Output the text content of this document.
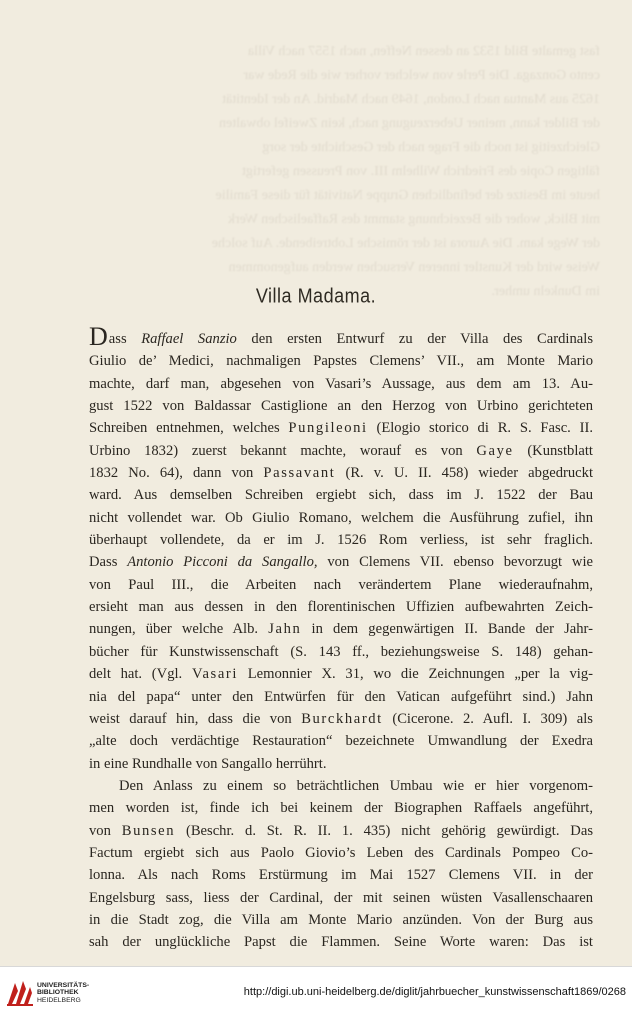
fast gemalte Bild 1532 an dessen Neffen, nach 1557 nach Villa
cento Gonzaga. Die Perle von welcher vorher wie die Rede war
1625 aus Mantua nach London, 1649 nach Madrid. An der Identität
der Bilder kann, meiner Ueberzeugung nach, kein Zweifel obwalten
Gleichzeitig ist noch die Frage nach der Geschichte der sorg
fältigen Copie des Friedrich Wilhelm III. von Preussen gefertigt
heute im Besitze der befindlichen Gruppe Nativität für diese Familie
mit Blick, woher die Bezeichnung stammt des Raffaelischen Werk
der Wege kam. Die Aurora ist der römische Lobtreibende. Auf solche
Weise wird der Kunstler inneren Versuchen werden aufgenommen
im Dunkeln umher.
Villa Madama.
Dass Raffael Sanzio den ersten Entwurf zu der Villa des Cardinals
Giulio de’ Medici, nachmaligen Papstes Clemens’ VII., am Monte Mario
machte, darf man, abgesehen von Vasari’s Aussage, aus dem am 13. Au-
gust 1522 von Baldassar Castiglione an den Herzog von Urbino gerichteten
Schreiben entnehmen, welches Pungileoni (Elogio storico di R. S. Fasc. II.
Urbino 1832) zuerst bekannt machte, worauf es von Gaye (Kunstblatt
1832 No. 64), dann von Passavant (R. v. U. II. 458) wieder abgedruckt
ward. Aus demselben Schreiben ergiebt sich, dass im J. 1522 der Bau
nicht vollendet war. Ob Giulio Romano, welchem die Ausführung zufiel, ihn
überhaupt vollendete, da er im J. 1526 Rom verliess, ist sehr fraglich.
Dass Antonio Picconi da Sangallo, von Clemens VII. ebenso bevorzugt wie
von Paul III., die Arbeiten nach verändertem Plane wiederaufnahm,
ersieht man aus dessen in den florentinischen Uffizien aufbewahrten Zeich-
nungen, über welche Alb. Jahn in dem gegenwärtigen II. Bande der Jahr-
bücher für Kunstwissenschaft (S. 143 ff., beziehungsweise S. 148) gehan-
delt hat. (Vgl. Vasari Lemonnier X. 31, wo die Zeichnungen „per la vig-
nia del papa“ unter den Entwürfen für den Vatican aufgeführt sind.) Jahn
weist darauf hin, dass die von Burckhardt (Cicerone. 2. Aufl. I. 309) als
„alte doch verdächtige Restauration“ bezeichnete Umwandlung der Exedra
in eine Rundhalle von Sangallo herrührt.
Den Anlass zu einem so beträchtlichen Umbau wie er hier vorgenom-
men worden ist, finde ich bei keinem der Biographen Raffaels angeführt,
von Bunsen (Beschr. d. St. R. II. 1. 435) nicht gehörig gewürdigt. Das
Factum ergiebt sich aus Paolo Giovio’s Leben des Cardinals Pompeo Co-
lonna. Als nach Roms Erstürmung im Mai 1527 Clemens VII. in der
Engelsburg sass, liess der Cardinal, der mit seinen wüsten Vasallenschaaren
in die Stadt zog, die Villa am Monte Mario anzünden. Von der Burg aus
sah der unglückliche Papst die Flammen. Seine Worte waren: Das ist
UNIVERSITÄTS-
BIBLIOTHEK
HEIDELBERG
http://digi.ub.uni-heidelberg.de/diglit/jahrbuecher_kunstwissenschaft1869/0268
